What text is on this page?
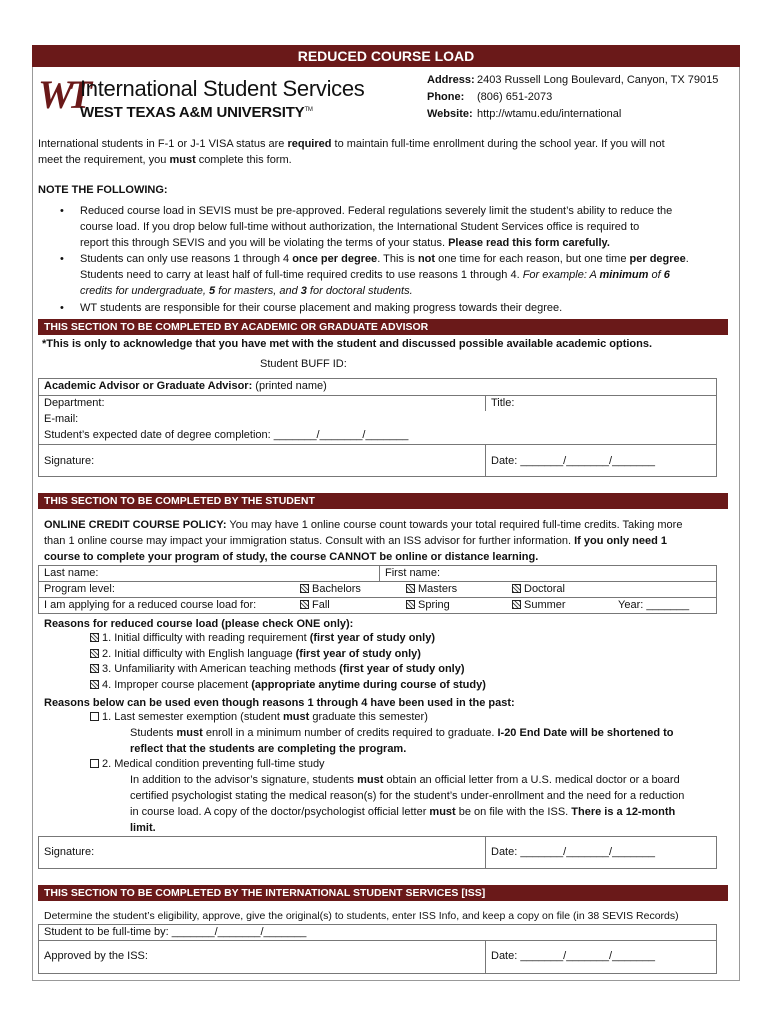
REDUCED COURSE LOAD
WT
International Student Services
WEST TEXAS A&M UNIVERSITY™
Address: 2403 Russell Long Boulevard, Canyon, TX 79015
Phone: (806) 651-2073
Website: http://wtamu.edu/international
International students in F-1 or J-1 VISA status are required to maintain full-time enrollment during the school year. If you will not
meet the requirement, you must complete this form.
NOTE THE FOLLOWING:
• Reduced course load in SEVIS must be pre-approved. Federal regulations severely limit the student’s ability to reduce the
course load. If you drop below full-time without authorization, the International Student Services office is required to
report this through SEVIS and you will be violating the terms of your status. Please read this form carefully.
• Students can only use reasons 1 through 4 once per degree. This is not one time for each reason, but one time per degree.
Students need to carry at least half of full-time required credits to use reasons 1 through 4. For example: A minimum of 6
credits for undergraduate, 5 for masters, and 3 for doctoral students.
• WT students are responsible for their course placement and making progress towards their degree.
THIS SECTION TO BE COMPLETED BY ACADEMIC OR GRADUATE ADVISOR
*This is only to acknowledge that you have met with the student and discussed possible available academic options.
Student BUFF ID:
Academic Advisor or Graduate Advisor: (printed name)
Department:	Title:
E-mail:
Student’s expected date of degree completion: _______/_______/_______
Signature:	Date: _______/_______/_______
THIS SECTION TO BE COMPLETED BY THE STUDENT
ONLINE CREDIT COURSE POLICY: You may have 1 online course count towards your total required full-time credits. Taking more
than 1 online course may impact your immigration status. Consult with an ISS advisor for further information. If you only need 1
course to complete your program of study, the course CANNOT be online or distance learning.
Last name:	First name:
Program level:	Bachelors	Masters	Doctoral
I am applying for a reduced course load for:	Fall	Spring	Summer	Year: _______
Reasons for reduced course load (please check ONE only):
1. Initial difficulty with reading requirement (first year of study only)
2. Initial difficulty with English language (first year of study only)
3. Unfamiliarity with American teaching methods (first year of study only)
4. Improper course placement (appropriate anytime during course of study)
Reasons below can be used even though reasons 1 through 4 have been used in the past:
1. Last semester exemption (student must graduate this semester)
Students must enroll in a minimum number of credits required to graduate. I-20 End Date will be shortened to
reflect that the students are completing the program.
2. Medical condition preventing full-time study
In addition to the advisor’s signature, students must obtain an official letter from a U.S. medical doctor or a board
certified psychologist stating the medical reason(s) for the student’s under-enrollment and the need for a reduction
in course load. A copy of the doctor/psychologist official letter must be on file with the ISS. There is a 12-month
limit.
Signature:	Date: _______/_______/_______
THIS SECTION TO BE COMPLETED BY THE INTERNATIONAL STUDENT SERVICES [ISS]
Determine the student’s eligibility, approve, give the original(s) to students, enter ISS Info, and keep a copy on file (in 38 SEVIS Records)
Student to be full-time by: _______/_______/_______
Approved by the ISS:	Date: _______/_______/_______
